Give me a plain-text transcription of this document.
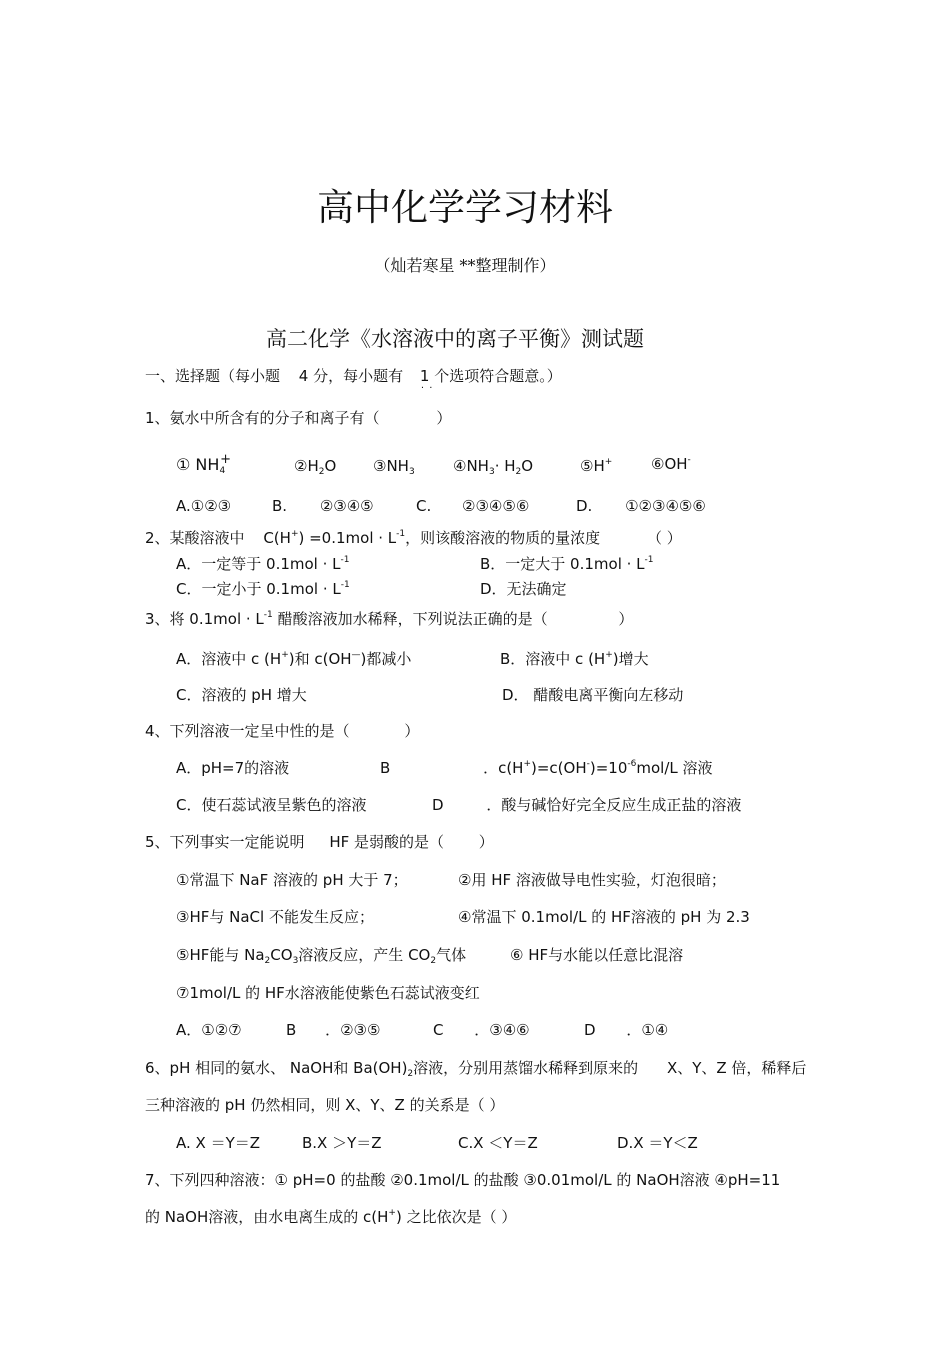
高中化学学习材料
（灿若寒星 **整理制作）
高二化学《水溶液中的离子平衡》测试题
一、选择题（每小题 4 分，每小题有 1 · · 个选项符合题意。）
1、氨水中所含有的分子和离子有（	）
① $NH_4^+$	$②H_2O$ $③NH_3$	$④NH_3\cdot H_2O$	⑤H+	⑥OH-
A.①②③	B. ②③④⑤	C. ②③④⑤⑥	D. ①②③④⑤⑥
2、某酸溶液中 $C(H^+) =0.1mol \cdot L^{-1}$，则该酸溶液的物质的量浓度	（ ）
A．一定等于 $0.1mol \cdot L^{-1}$	B．一定大于 $0.1mol \cdot L^{-1}$
C．一定小于 $0.1mol \cdot L^{-1}$	D．无法确定
3、将 $0.1mol \cdot L^{-1}$ 醋酸溶液加水稀释，下列说法正确的是（	）
A．溶液中 c (H+)和 c(OH—)都减小	B．溶液中 c (H+)增大
C．溶液的 pH 增大	D． 醋酸电离平衡向左移动
4、下列溶液一定呈中性的是（	）
A．pH=7的溶液	B	．$c(H^+)=c(OH^-)=10^{-6}mol/L$ 溶液
C．使石蕊试液呈紫色的溶液	D	．酸与碱恰好完全反应生成正盐的溶液
5、下列事实一定能说明 HF 是弱酸的是（ ）
①常温下 NaF 溶液的 pH 大于 7；	②用 HF 溶液做导电性实验，灯泡很暗；
③HF与 NaCl 不能发生反应；	④常温下 0.1mol/L 的 HF溶液的 pH 为 2.3
⑤HF能与 $Na_2CO_3$溶液反应，产生 $CO_2$气体	⑥ HF与水能以任意比混溶
⑦1mol/L 的 HF水溶液能使紫色石蕊试液变红
A．①②⑦	B ．②③⑤	C ．③④⑥	D ．①④
6、pH 相同的氨水、 NaOH和 $Ba(OH)_2$溶液，分别用蒸馏水稀释到原来的 X、Y、Z 倍，稀释后
三种溶液的 pH 仍然相同，则 X、Y、Z 的关系是（ ）
A. X ＝Y＝Z	B.X ＞Y＝Z	C.X ＜Y＝Z	D.X ＝Y＜Z
7、下列四种溶液：① pH=0 的盐酸 ②0.1mol/L 的盐酸 ③0.01mol/L 的 NaOH溶液 ④pH=11
的 NaOH溶液，由水电离生成的 c(H+) 之比依次是（ ）
